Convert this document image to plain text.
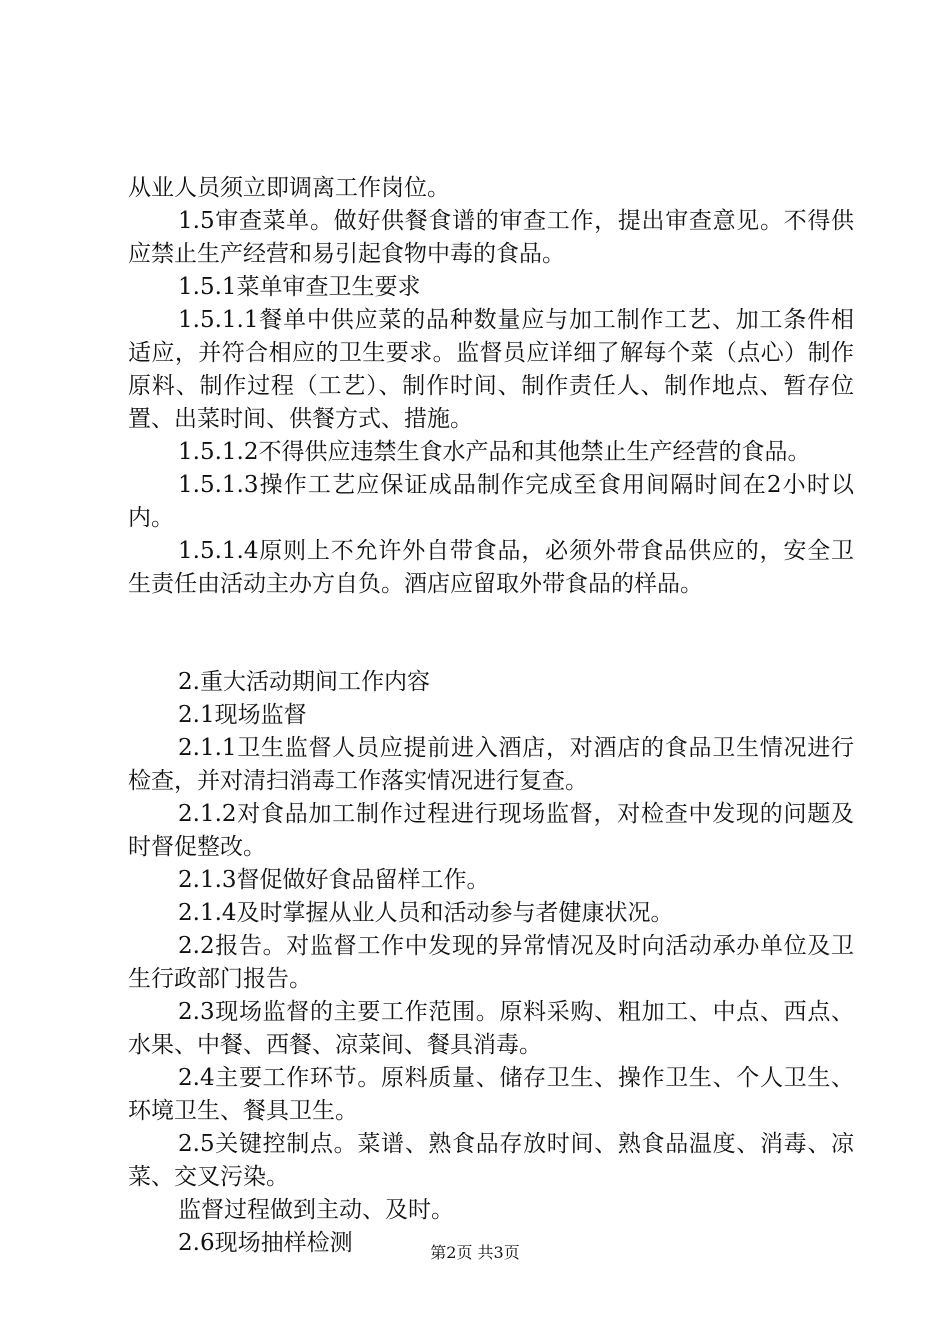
从业人员须立即调离工作岗位。

1.5审查菜单。做好供餐食谱的审查工作，提出审查意见。不得供应禁止生产经营和易引起食物中毒的食品。

1.5.1菜单审查卫生要求

1.5.1.1餐单中供应菜的品种数量应与加工制作工艺、加工条件相适应，并符合相应的卫生要求。监督员应详细了解每个菜（点心）制作原料、制作过程（工艺）、制作时间、制作责任人、制作地点、暂存位置、出菜时间、供餐方式、措施。

1.5.1.2不得供应违禁生食水产品和其他禁止生产经营的食品。

1.5.1.3操作工艺应保证成品制作完成至食用间隔时间在2小时以内。

1.5.1.4原则上不允许外自带食品，必须外带食品供应的，安全卫生责任由活动主办方自负。酒店应留取外带食品的样品。

2.重大活动期间工作内容

2.1现场监督

2.1.1卫生监督人员应提前进入酒店，对酒店的食品卫生情况进行检查，并对清扫消毒工作落实情况进行复查。

2.1.2对食品加工制作过程进行现场监督，对检查中发现的问题及时督促整改。

2.1.3督促做好食品留样工作。

2.1.4及时掌握从业人员和活动参与者健康状况。

2.2报告。对监督工作中发现的异常情况及时向活动承办单位及卫生行政部门报告。

2.3现场监督的主要工作范围。原料采购、粗加工、中点、西点、水果、中餐、西餐、凉菜间、餐具消毒。

2.4主要工作环节。原料质量、储存卫生、操作卫生、个人卫生、环境卫生、餐具卫生。

2.5关键控制点。菜谱、熟食品存放时间、熟食品温度、消毒、凉菜、交叉污染。

监督过程做到主动、及时。

2.6现场抽样检测	第2页 共3页
